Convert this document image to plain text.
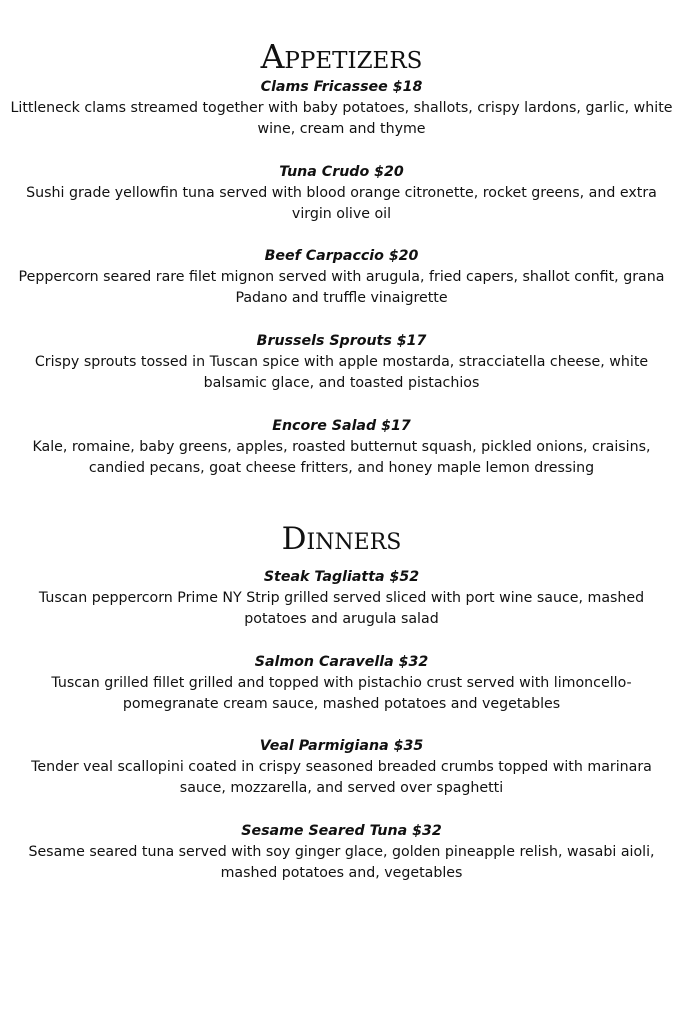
Appetizers

Clams Fricassee $18

Littleneck clams streamed together with baby potatoes, shallots, crispy lardons, garlic, white wine, cream and thyme

Tuna Crudo $20

Sushi grade yellowfin tuna served with blood orange citronette, rocket greens, and extra virgin olive oil

Beef Carpaccio $20

Peppercorn seared rare filet mignon served with arugula, fried capers, shallot confit, grana Padano and truffle vinaigrette

Brussels Sprouts $17

Crispy sprouts tossed in Tuscan spice with apple mostarda, stracciatella cheese, white balsamic glace, and toasted pistachios

Encore Salad $17

Kale, romaine, baby greens, apples, roasted butternut squash, pickled onions, craisins, candied pecans, goat cheese fritters, and honey maple lemon dressing

Dinners

Steak Tagliatta $52

Tuscan peppercorn Prime NY Strip grilled served sliced with port wine sauce, mashed potatoes and arugula salad

Salmon Caravella $32

Tuscan grilled fillet grilled and topped with pistachio crust served with limoncello-pomegranate cream sauce, mashed potatoes and vegetables

Veal Parmigiana $35

Tender veal scallopini coated in crispy seasoned breaded crumbs topped with marinara sauce, mozzarella, and served over spaghetti

Sesame Seared Tuna $32

Sesame seared tuna served with soy ginger glace, golden pineapple relish, wasabi aioli, mashed potatoes and, vegetables
